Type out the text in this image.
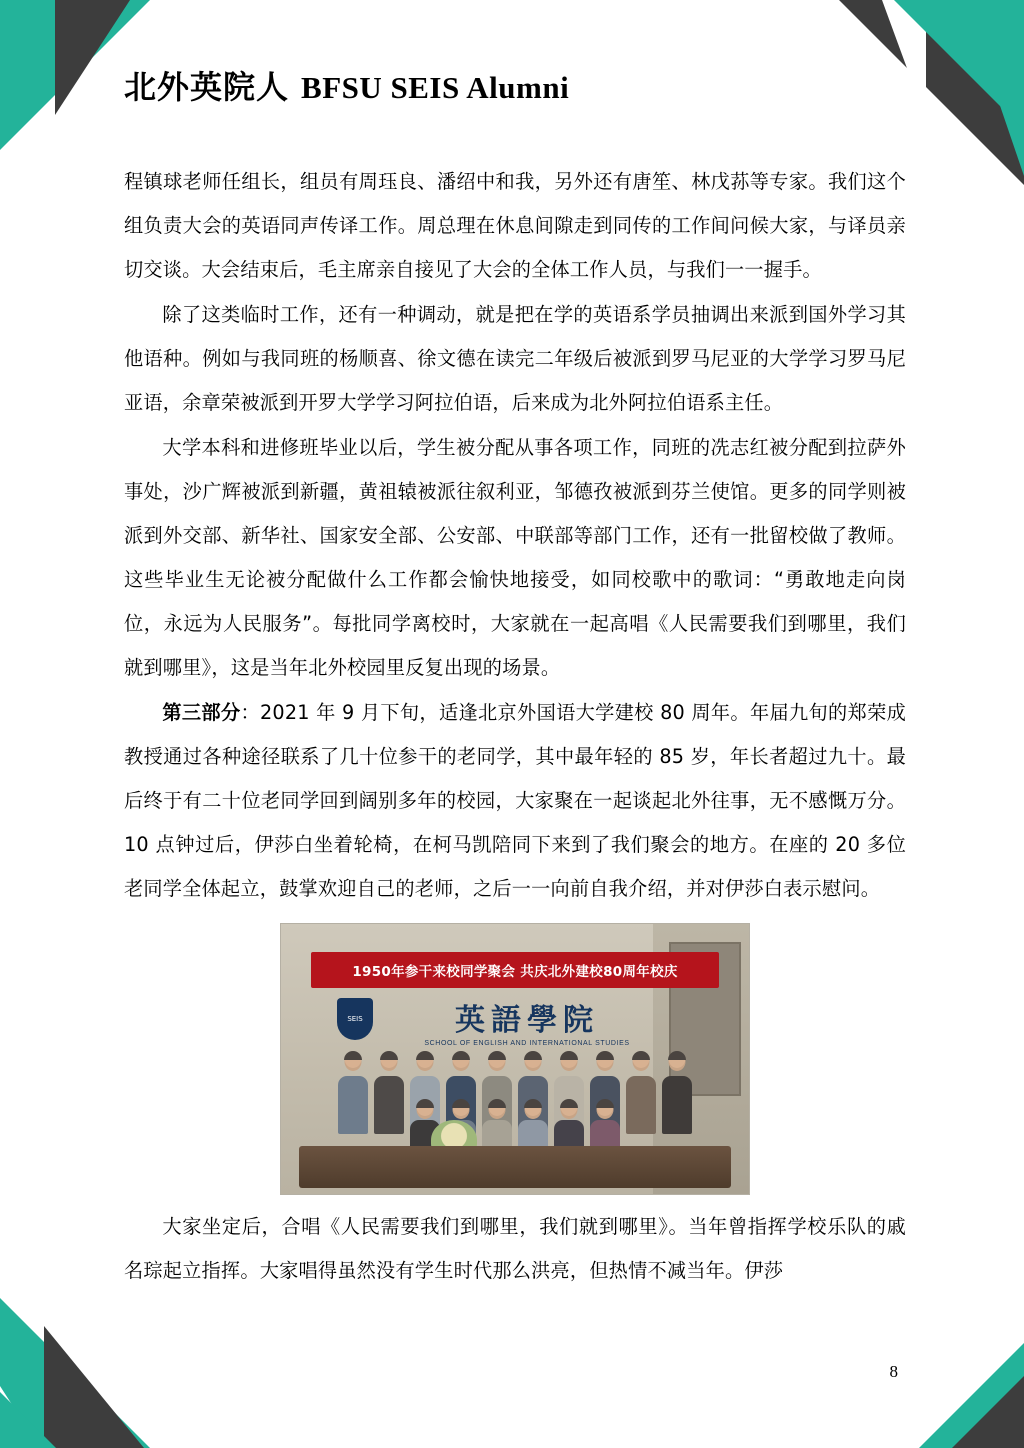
北外英院人 BFSU SEIS Alumni

程镇球老师任组长，组员有周珏良、潘绍中和我，另外还有唐笙、林戊荪等专家。我们这个组负责大会的英语同声传译工作。周总理在休息间隙走到同传的工作间问候大家，与译员亲切交谈。大会结束后，毛主席亲自接见了大会的全体工作人员，与我们一一握手。

除了这类临时工作，还有一种调动，就是把在学的英语系学员抽调出来派到国外学习其他语种。例如与我同班的杨顺喜、徐文德在读完二年级后被派到罗马尼亚的大学学习罗马尼亚语，余章荣被派到开罗大学学习阿拉伯语，后来成为北外阿拉伯语系主任。

大学本科和进修班毕业以后，学生被分配从事各项工作，同班的冼志红被分配到拉萨外事处，沙广辉被派到新疆，黄祖辕被派往叙利亚，邹德孜被派到芬兰使馆。更多的同学则被派到外交部、新华社、国家安全部、公安部、中联部等部门工作，还有一批留校做了教师。这些毕业生无论被分配做什么工作都会愉快地接受，如同校歌中的歌词：“勇敢地走向岗位，永远为人民服务”。每批同学离校时，大家就在一起高唱《人民需要我们到哪里，我们就到哪里》，这是当年北外校园里反复出现的场景。

第三部分：2021 年 9 月下旬，适逢北京外国语大学建校 80 周年。年届九旬的郑荣成教授通过各种途径联系了几十位参干的老同学，其中最年轻的 85 岁，年长者超过九十。最后终于有二十位老同学回到阔别多年的校园，大家聚在一起谈起北外往事，无不感慨万分。10 点钟过后，伊莎白坐着轮椅，在柯马凯陪同下来到了我们聚会的地方。在座的 20 多位老同学全体起立，鼓掌欢迎自己的老师，之后一一向前自我介绍，并对伊莎白表示慰问。

1950年参干来校同学聚会 共庆北外建校80周年校庆
SEIS	英語學院
SCHOOL OF ENGLISH AND INTERNATIONAL STUDIES

大家坐定后，合唱《人民需要我们到哪里，我们就到哪里》。当年曾指挥学校乐队的戚名琮起立指挥。大家唱得虽然没有学生时代那么洪亮，但热情不减当年。伊莎

8
